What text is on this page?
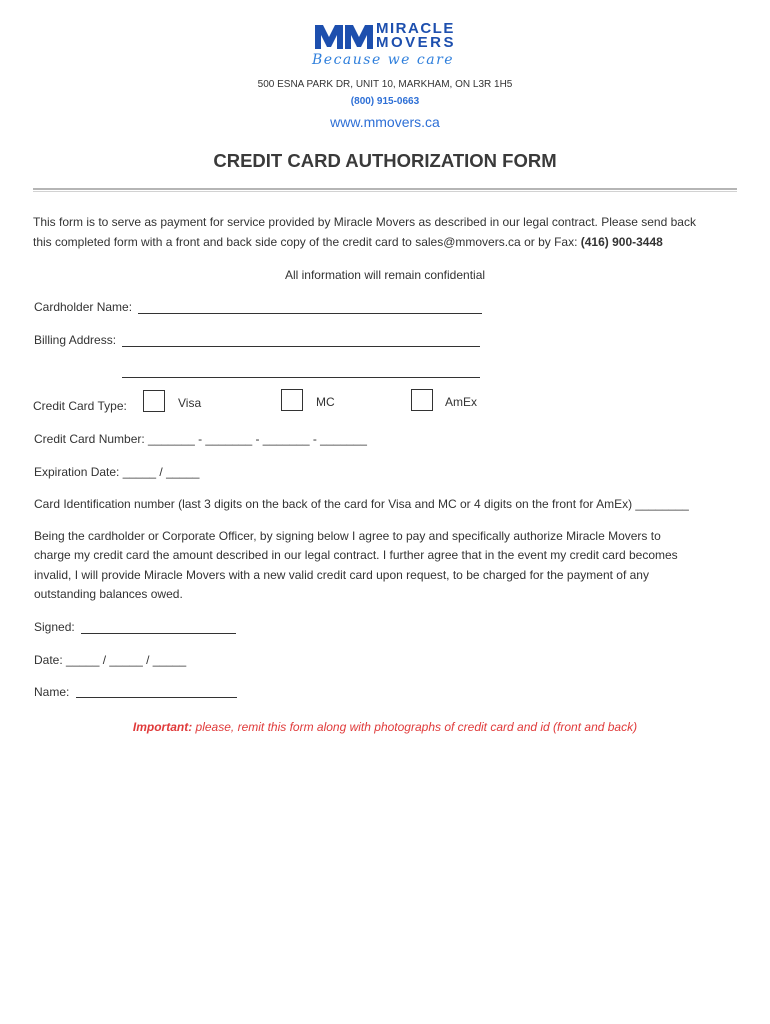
MIRACLE
MOVERS
Because we care
500 ESNA PARK DR, UNIT 10, MARKHAM, ON L3R 1H5
(800) 915-0663
www.mmovers.ca
CREDIT CARD AUTHORIZATION FORM
This form is to serve as payment for service provided by Miracle Movers as described in our legal contract. Please send back
this completed form with a front and back side copy of the credit card to sales@mmovers.ca or by Fax: (416) 900-3448
All information will remain confidential
Cardholder Name:
Billing Address:
Credit Card Type:	Visa	MC	AmEx
Credit Card Number: _______ - _______ - _______ - _______
Expiration Date: _____ / _____
Card Identification number (last 3 digits on the back of the card for Visa and MC or 4 digits on the front for AmEx) ________
Being the cardholder or Corporate Officer, by signing below I agree to pay and specifically authorize Miracle Movers to
charge my credit card the amount described in our legal contract. I further agree that in the event my credit card becomes
invalid, I will provide Miracle Movers with a new valid credit card upon request, to be charged for the payment of any
outstanding balances owed.
Signed:
Date: _____ / _____ / _____
Name:
Important: please, remit this form along with photographs of credit card and id (front and back)
